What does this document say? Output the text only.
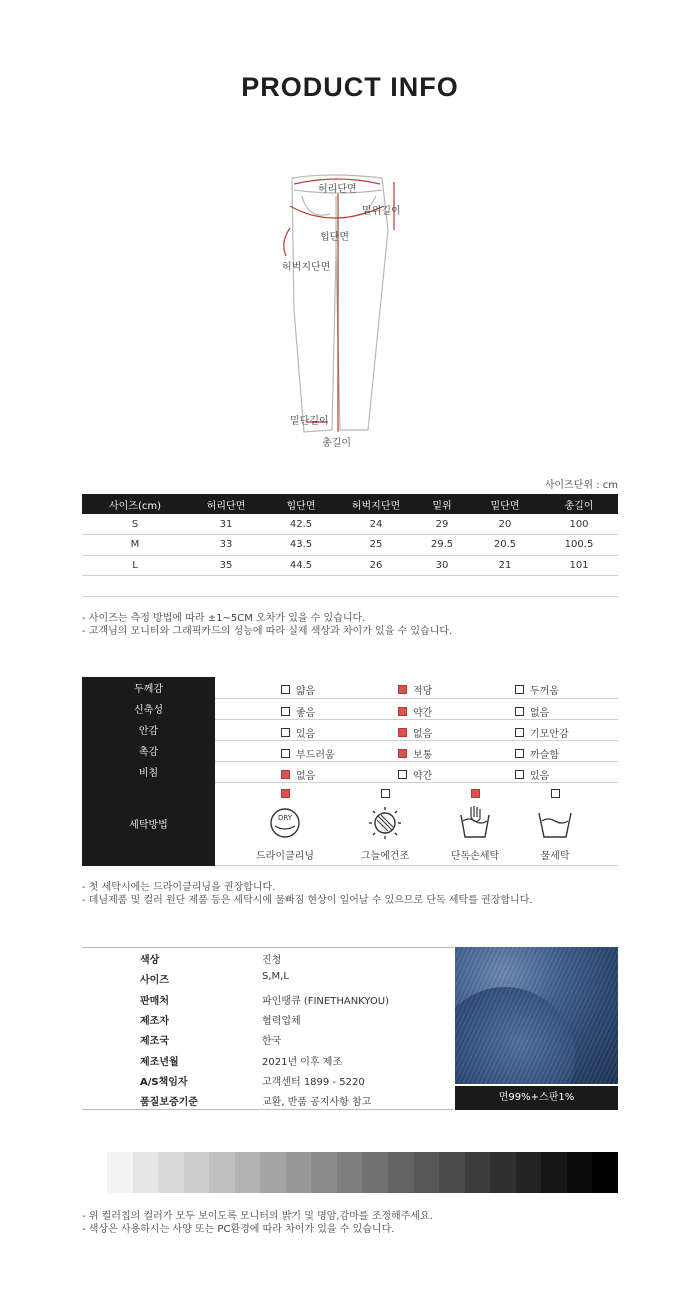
PRODUCT INFO
허리단면
밑위길이
힙단면
허벅지단면
밑단길이
총길이
사이즈단위 : cm
사이즈(cm)	허리단면	힙단면	허벅지단면	밑위	밑단면	총길이
S	31	42.5	24	29	20	100
M	33	43.5	25	29.5	20.5	100.5
L	35	44.5	26	30	21	101

- 사이즈는 측정 방법에 따라 ±1~5CM 오차가 있을 수 있습니다.
- 고객님의 모니터와 그래픽카드의 성능에 따라 실제 색상과 차이가 있을 수 있습니다.
두께감	얇음 적당 두꺼움

신축성	좋음 약간 없음

안감	있음 없음 기모안감

촉감	부드러움 보통 까슬함

비침	없음 약간 있음

세탁방법	DRY
드라이클리닝 그늘에건조 단독손세탁 물세탁
- 첫 세탁시에는 드라이클리닝을 권장합니다.
- 데님제품 및 컬러 원단 제품 등은 세탁시에 물빠짐 현상이 일어날 수 있으므로 단독 세탁를 권장합니다.
색상	진청
사이즈	S,M,L
판매처	파인땡큐 (FINETHANKYOU)
제조자	협력업체
제조국	한국
제조년월	2021년 이후 제조
A/S책임자	고객센터 1899 - 5220
품질보증기준	교환, 반품 공지사항 참고	면99%+스판1%
- 위 컬러칩의 컬러가 모두 보이도록 모니터의 밝기 및 명암,감마를 조정해주세요.
- 색상은 사용하시는 사양 또는 PC환경에 따라 차이가 있을 수 있습니다.
